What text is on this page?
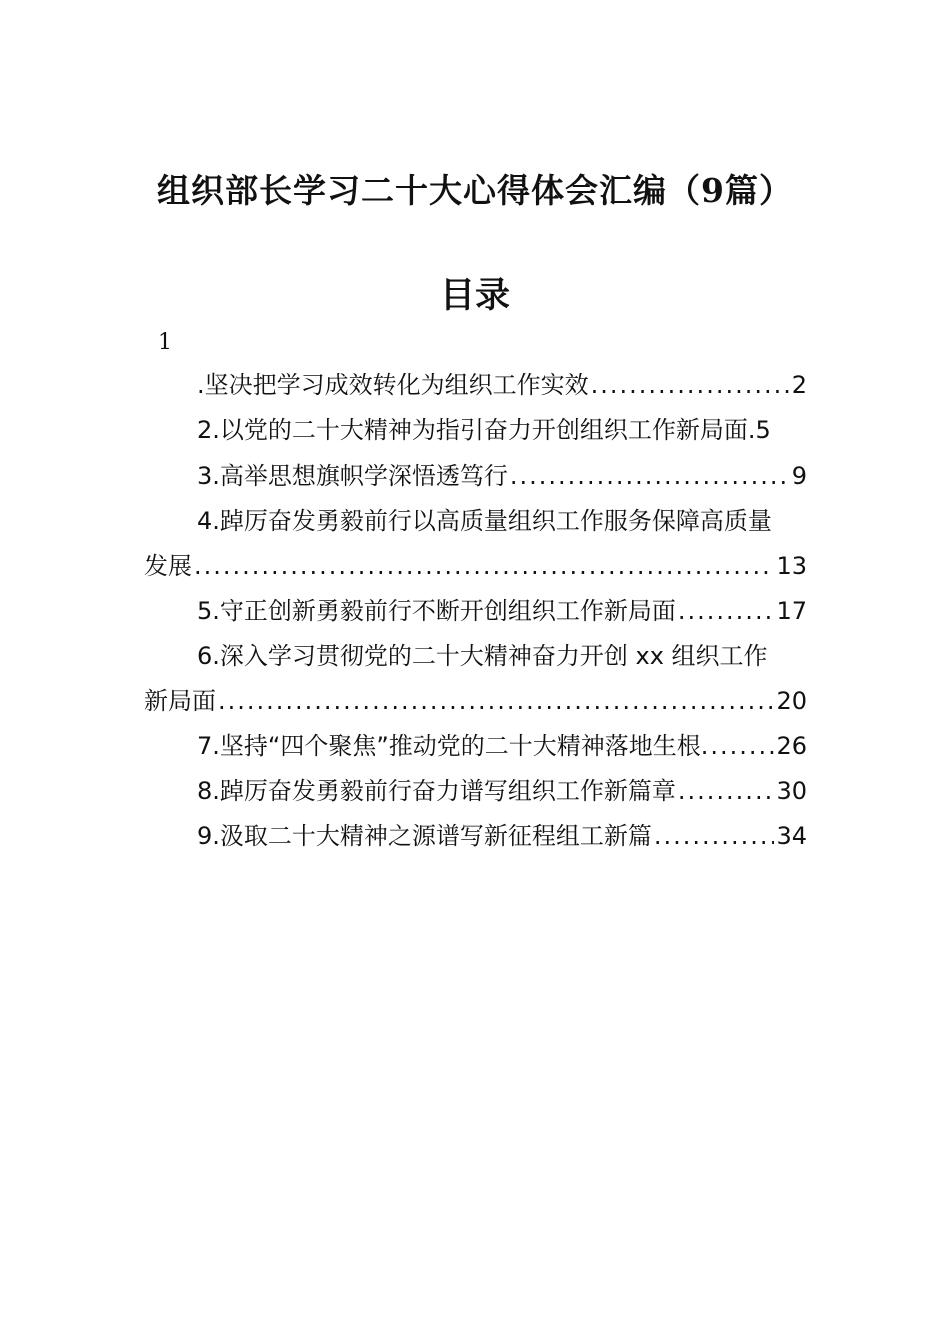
组织部长学习二十大心得体会汇编（9篇）
目录
1
.坚决把学习成效转化为组织工作实效 .....	2
2.以党的二十大精神为指引奋力开创组织工作新局面. 5
3.高举思想旗帜学深悟透笃行 .....	9
4.踔厉奋发勇毅前行以高质量组织工作服务保障高质量
发展 .....	13
5.守正创新勇毅前行不断开创组织工作新局面 .....	17
6.深入学习贯彻党的二十大精神奋力开创 xx 组织工作
新局面 .....	20
7.坚持“四个聚焦”推动党的二十大精神落地生根. .....	26
8.踔厉奋发勇毅前行奋力谱写组织工作新篇章 .....	30
9.汲取二十大精神之源谱写新征程组工新篇 .....	34
